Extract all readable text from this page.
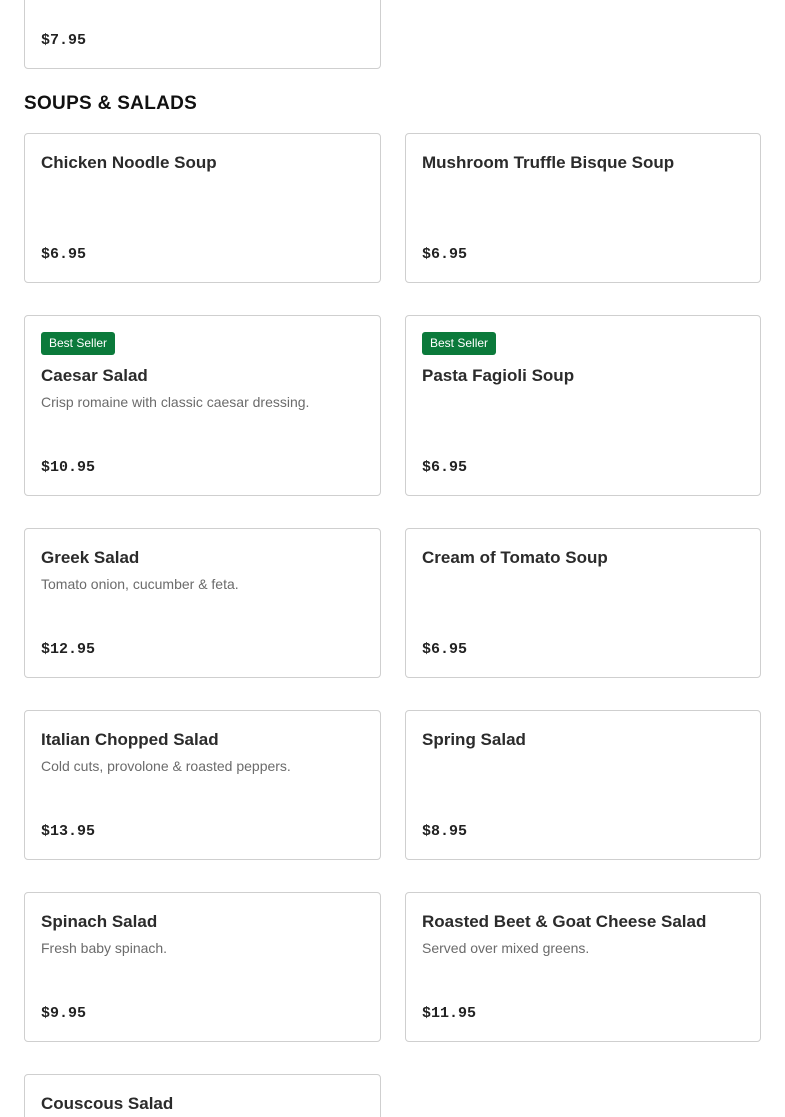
$7.95
SOUPS & SALADS
Chicken Noodle Soup
$6.95
Mushroom Truffle Bisque Soup
$6.95
Best Seller
Caesar Salad
Crisp romaine with classic caesar dressing.
$10.95
Best Seller
Pasta Fagioli Soup
$6.95
Greek Salad
Tomato onion, cucumber & feta.
$12.95
Cream of Tomato Soup
$6.95
Italian Chopped Salad
Cold cuts, provolone & roasted peppers.
$13.95
Spring Salad
$8.95
Spinach Salad
Fresh baby spinach.
$9.95
Roasted Beet & Goat Cheese Salad
Served over mixed greens.
$11.95
Couscous Salad
